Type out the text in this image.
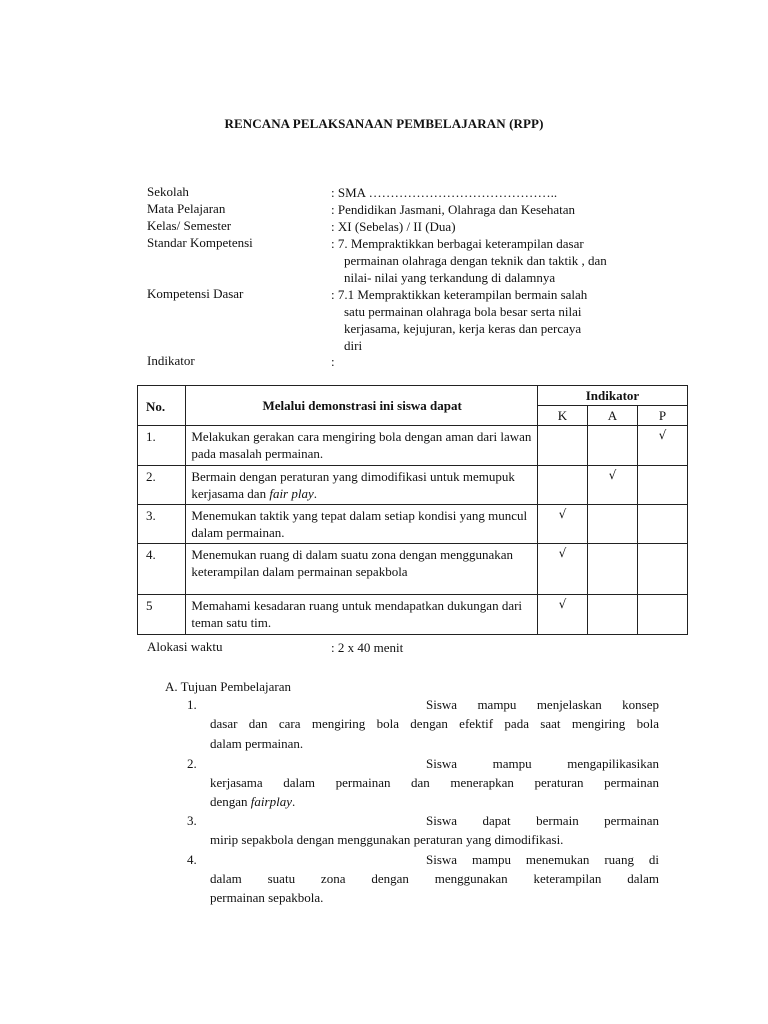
RENCANA PELAKSANAAN PEMBELAJARAN (RPP)
Sekolah	: SMA ……………………………………..
Mata Pelajaran	: Pendidikan Jasmani, Olahraga dan Kesehatan
Kelas/ Semester	: XI (Sebelas) / II (Dua)
Standar Kompetensi	: 7. Mempraktikkan berbagai keterampilan dasar
permainan olahraga dengan teknik dan taktik , dan
nilai- nilai yang terkandung di dalamnya
Kompetensi Dasar	: 7.1 Mempraktikkan keterampilan bermain salah
satu permainan olahraga bola besar serta nilai
kerjasama, kejujuran, kerja keras dan percaya
diri
Indikator	:
No.	Melalui demonstrasi ini siswa dapat	Indikator		
		K	A	P
1.	Melakukan gerakan cara mengiring bola dengan aman dari lawan pada masalah permainan.			√
2.	Bermain dengan peraturan yang dimodifikasi untuk memupuk kerjasama dan fair play.		√	
3.	Menemukan taktik yang tepat dalam setiap kondisi yang muncul dalam permainan.	√		
4.	Menemukan ruang di dalam suatu zona dengan menggunakan keterampilan dalam permainan sepakbola	√		
5	Memahami kesadaran ruang untuk mendapatkan dukungan dari teman satu tim.	√		
Alokasi waktu	: 2 x 40 menit
A. Tujuan Pembelajaran
1.	Siswa mampu menjelaskan konsep
dasar dan cara mengiring bola dengan efektif pada saat mengiring bola
dalam permainan.
2.	Siswa mampu mengapilikasikan
kerjasama dalam permainan dan menerapkan peraturan permainan
dengan fairplay.
3.	Siswa dapat bermain permainan
mirip sepakbola dengan menggunakan peraturan yang dimodifikasi.
4.	Siswa mampu menemukan ruang di
dalam suatu zona dengan menggunakan keterampilan dalam
permainan sepakbola.
